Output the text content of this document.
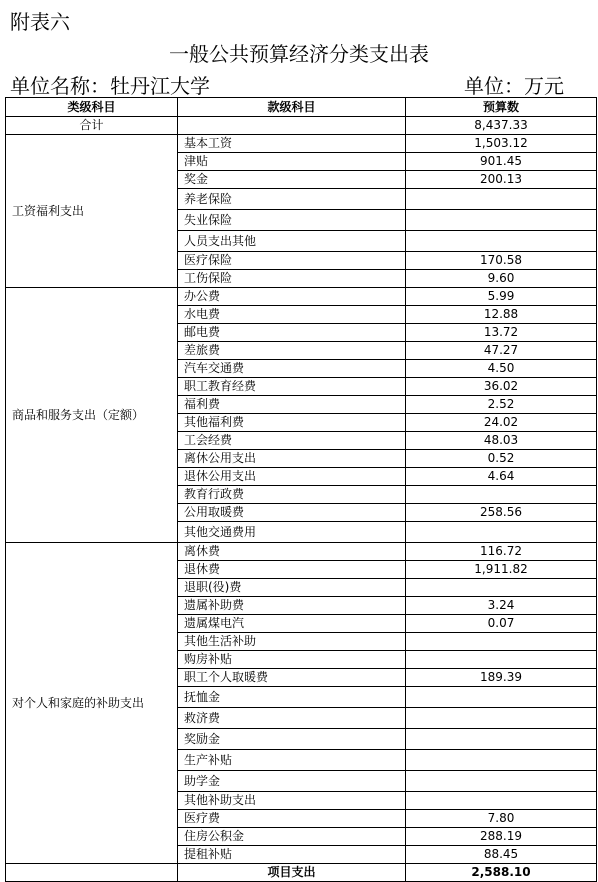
附表六
一般公共预算经济分类支出表
单位名称：牡丹江大学	单位：万元
类级科目	款级科目	预算数
合计		8,437.33
工资福利支出	基本工资	1,503.12
	津贴	901.45
	奖金	200.13
	养老保险	
	失业保险	
	人员支出其他	
	医疗保险	170.58
	工伤保险	9.60
商品和服务支出（定额）	办公费	5.99
	水电费	12.88
	邮电费	13.72
	差旅费	47.27
	汽车交通费	4.50
	职工教育经费	36.02
	福利费	2.52
	其他福利费	24.02
	工会经费	48.03
	离休公用支出	0.52
	退休公用支出	4.64
	教育行政费	
	公用取暖费	258.56
	其他交通费用	
对个人和家庭的补助支出	离休费	116.72
	退休费	1,911.82
	退职(役)费	
	遗属补助费	3.24
	遗属煤电汽	0.07
	其他生活补助	
	购房补贴	
	职工个人取暖费	189.39
	抚恤金	
	救济费	
	奖励金	
	生产补贴	
	助学金	
	其他补助支出	
	医疗费	7.80
	住房公积金	288.19
	提租补贴	88.45
	项目支出	2,588.10
